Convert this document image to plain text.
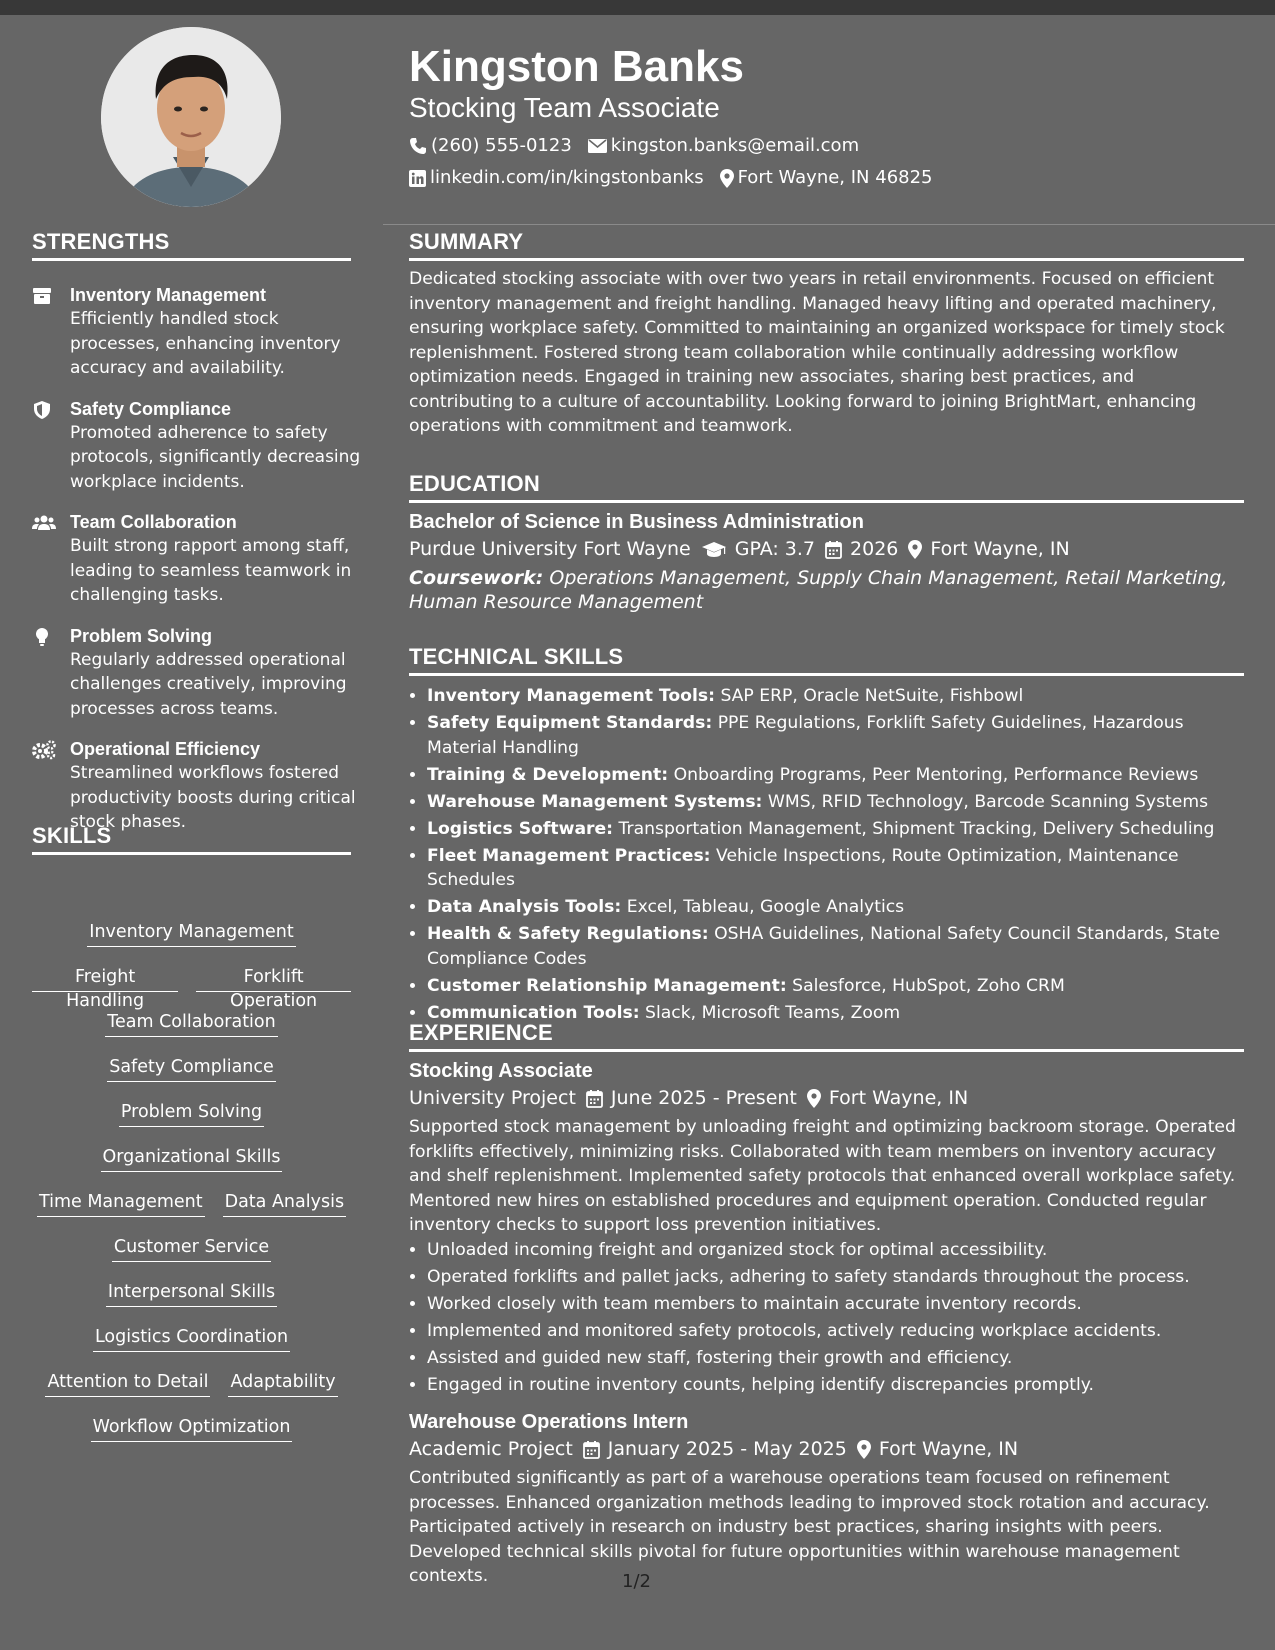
STRENGTHS
Inventory Management
Efficiently handled stock processes, enhancing inventory accuracy and availability.
Safety Compliance
Promoted adherence to safety protocols, significantly decreasing workplace incidents.
Team Collaboration
Built strong rapport among staff, leading to seamless teamwork in challenging tasks.
Problem Solving
Regularly addressed operational challenges creatively, improving processes across teams.
Operational Efficiency
Streamlined workflows fostered productivity boosts during critical stock phases.
SKILLS
Inventory Management
Freight Handling
Forklift Operation
Team Collaboration
Safety Compliance
Problem Solving
Organizational Skills
Time Management Data Analysis
Customer Service
Interpersonal Skills
Logistics Coordination
Attention to Detail Adaptability
Workflow Optimization
Kingston Banks
Stocking Team Associate
(260) 555-0123 kingston.banks@email.com
linkedin.com/in/kingstonbanks Fort Wayne, IN 46825
SUMMARY
Dedicated stocking associate with over two years in retail environments. Focused on efficient inventory management and freight handling. Managed heavy lifting and operated machinery, ensuring workplace safety. Committed to maintaining an organized workspace for timely stock replenishment. Fostered strong team collaboration while continually addressing workflow optimization needs. Engaged in training new associates, sharing best practices, and contributing to a culture of accountability. Looking forward to joining BrightMart, enhancing operations with commitment and teamwork.
EDUCATION
Bachelor of Science in Business Administration
Purdue University Fort Wayne GPA: 3.7 2026 Fort Wayne, IN
Coursework: Operations Management, Supply Chain Management, Retail Marketing, Human Resource Management
TECHNICAL SKILLS
• Inventory Management Tools: SAP ERP, Oracle NetSuite, Fishbowl
• Safety Equipment Standards: PPE Regulations, Forklift Safety Guidelines, Hazardous Material Handling
• Training & Development: Onboarding Programs, Peer Mentoring, Performance Reviews
• Warehouse Management Systems: WMS, RFID Technology, Barcode Scanning Systems
• Logistics Software: Transportation Management, Shipment Tracking, Delivery Scheduling
• Fleet Management Practices: Vehicle Inspections, Route Optimization, Maintenance Schedules
• Data Analysis Tools: Excel, Tableau, Google Analytics
• Health & Safety Regulations: OSHA Guidelines, National Safety Council Standards, State Compliance Codes
• Customer Relationship Management: Salesforce, HubSpot, Zoho CRM
• Communication Tools: Slack, Microsoft Teams, Zoom
EXPERIENCE
Stocking Associate
University Project June 2025 - Present Fort Wayne, IN
Supported stock management by unloading freight and optimizing backroom storage. Operated forklifts effectively, minimizing risks. Collaborated with team members on inventory accuracy and shelf replenishment. Implemented safety protocols that enhanced overall workplace safety. Mentored new hires on established procedures and equipment operation. Conducted regular inventory checks to support loss prevention initiatives.
• Unloaded incoming freight and organized stock for optimal accessibility.
• Operated forklifts and pallet jacks, adhering to safety standards throughout the process.
• Worked closely with team members to maintain accurate inventory records.
• Implemented and monitored safety protocols, actively reducing workplace accidents.
• Assisted and guided new staff, fostering their growth and efficiency.
• Engaged in routine inventory counts, helping identify discrepancies promptly.
Warehouse Operations Intern
Academic Project January 2025 - May 2025 Fort Wayne, IN
Contributed significantly as part of a warehouse operations team focused on refinement processes. Enhanced organization methods leading to improved stock rotation and accuracy. Participated actively in research on industry best practices, sharing insights with peers. Developed technical skills pivotal for future opportunities within warehouse management contexts.	1/2
